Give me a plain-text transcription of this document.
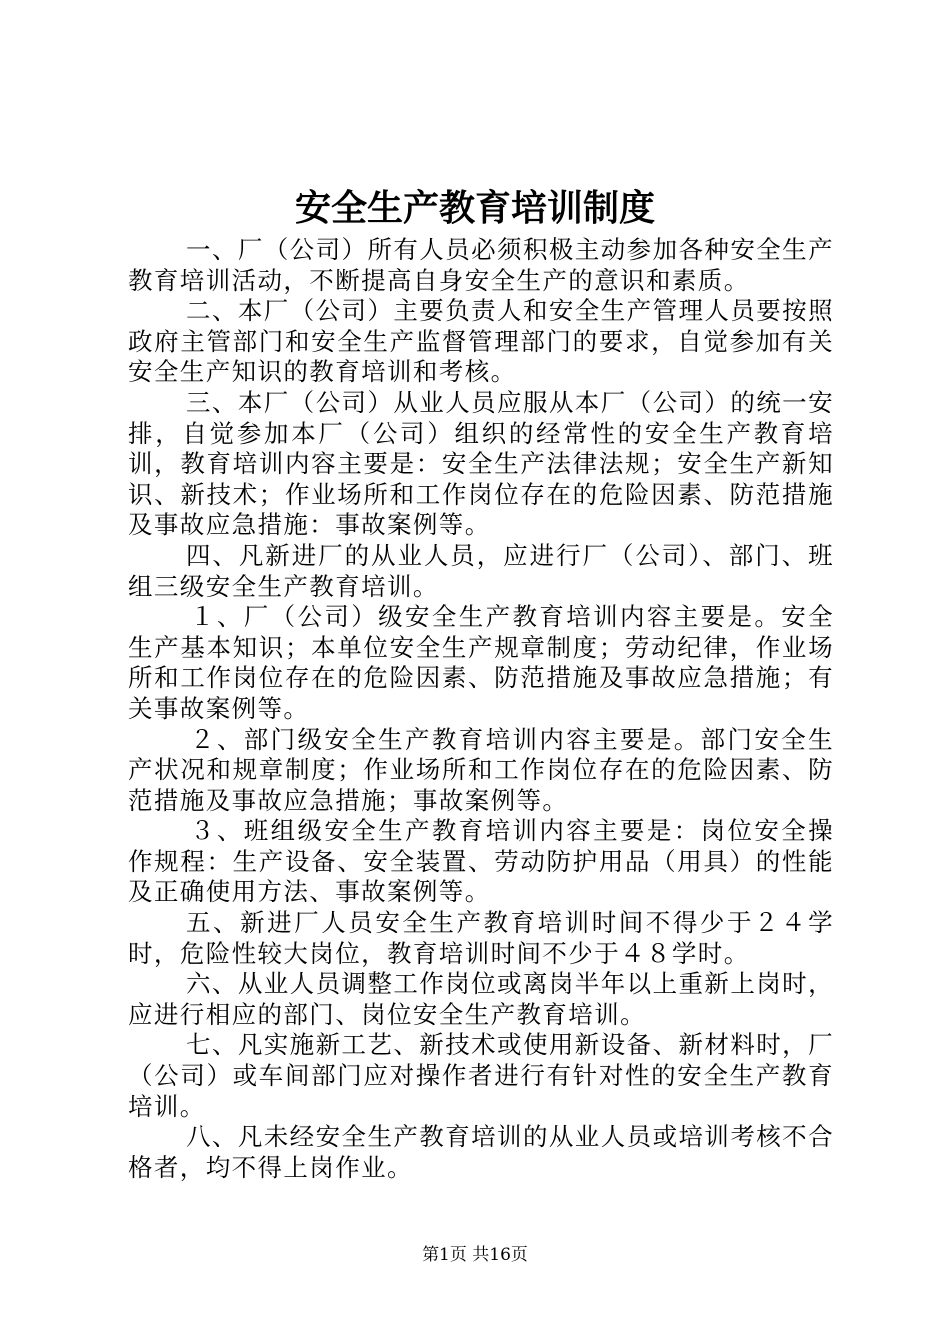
安全生产教育培训制度

一、厂（公司）所有人员必须积极主动参加各种安全生产教育培训活动，不断提高自身安全生产的意识和素质。

二、本厂（公司）主要负责人和安全生产管理人员要按照政府主管部门和安全生产监督管理部门的要求，自觉参加有关安全生产知识的教育培训和考核。

三、本厂（公司）从业人员应服从本厂（公司）的统一安排，自觉参加本厂（公司）组织的经常性的安全生产教育培训，教育培训内容主要是：安全生产法律法规；安全生产新知识、新技术；作业场所和工作岗位存在的危险因素、防范措施及事故应急措施：事故案例等。

四、凡新进厂的从业人员，应进行厂（公司）、部门、班组三级安全生产教育培训。

１、厂（公司）级安全生产教育培训内容主要是。安全生产基本知识；本单位安全生产规章制度；劳动纪律，作业场所和工作岗位存在的危险因素、防范措施及事故应急措施；有关事故案例等。

２、部门级安全生产教育培训内容主要是。部门安全生产状况和规章制度；作业场所和工作岗位存在的危险因素、防范措施及事故应急措施；事故案例等。

３、班组级安全生产教育培训内容主要是：岗位安全操作规程：生产设备、安全装置、劳动防护用品（用具）的性能及正确使用方法、事故案例等。

五、新进厂人员安全生产教育培训时间不得少于２４学时，危险性较大岗位，教育培训时间不少于４８学时。

六、从业人员调整工作岗位或离岗半年以上重新上岗时，应进行相应的部门、岗位安全生产教育培训。

七、凡实施新工艺、新技术或使用新设备、新材料时，厂（公司）或车间部门应对操作者进行有针对性的安全生产教育培训。

八、凡未经安全生产教育培训的从业人员或培训考核不合格者，均不得上岗作业。

第1页 共16页
